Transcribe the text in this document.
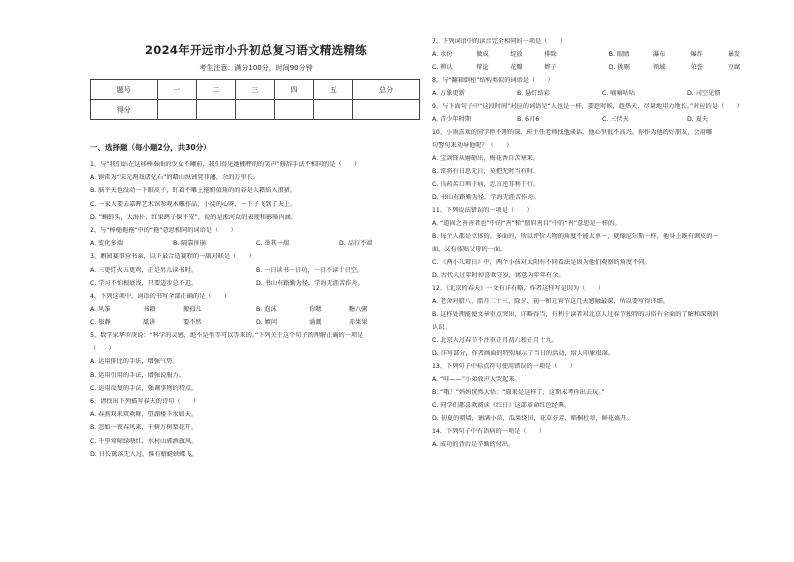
2024年开远市小升初总复习语文精选精练
考生注意：满分100分，时间90分钟
题号	一	二	三	四	五	总分
得分						
一、选择题（每小题2分，共30分）
1、与“我们站在这移棒秦曲的少女不曦前，我们得见她棚秤的的笑声”修辞手法不相同的是（　　）
A. 镇雷为“宋元两戏诸亿石”的藉山纵铺凳菲藩，余的万里长。
B. 脑平天也没动一下眼皮子，盯着不雕上拖奶值角的的谷是人藉焰入浪猪。
C. 一家人要去嘉晖艺术馆参观木雕作品，小徒的心呀，一下子飞到了天上。
D. “蝌蚪头，大海扑，红果鸪子保平安”，说的是淞河众的表现和影骑内涵。
2、与“棒槌拖拖”中的“拖”意思相同的词语是（　　）
A. 变化多端	B. 隔靠匪崩	C. 举其一端	D. 品行不端
3、鹅园赛事营书亲，以下最合适赛程的一副对联是（　　）
A. 三更灯火五更鸡，正是男儿读书时。	B. 一日读书一日功，一日不读十日空。
C. 学习不怕根底浅，只要迈步总不迟。	D. 书山有路勤为径，学海无涯苦作舟。
4、下列这项中，词语的书写全部正确的是（　　）
A. 风筝	书籍	搬拇儿	B. 泡沫	你嗯	糖八粥
C. 旅静	舐讲	要不然	D. 嫉问	涌溉	赤果果
5、数学家华罗庚说：“科学的灵感，绝不是坐等可以等来的。”下列关于这个句子的理解正确的一项是
（　　）
A. 运用排比的手法，增强气势。
B. 运用引用的手法，增强说服力。
C. 运用反复的手法，强调事物的特点。
6、请找出下列描写春天的诗句（　　）
A. 春燕双来双欢舞，望湖楼下水如天。
B. 忽如一夜春风来，千树万树梨花开。
C. 千里莺啼绿映红，水村山郭酒旗风。
D. 日长篱落无人过，惟有蜻蜓蛱蝶飞。
7、下列词语中的读音完全相同的一项是（　　）
A. 水份	做成	绽放	排除	B. 眼睛	瀑布	爆炸	暴发
C. 辨认	辩论	花瓣	辫子	D. 挑剔	领域	荣誉	豆腐
8、与“翻箱倒柜”结构类似的词语是（　　）
A. 万象更新	B. 悬灯结彩	C. 嘀嘀咕咕	D. 司空见惯
9、与下面句子中“这段时间”对应的词语是“人也是一样，要趁时候，趁热天，尽量地用力地长。”对应的是（　　）
A. 青少年时期	B. 6月6	C. 三伏天	D. 夏天
10、小雨喜欢的同学拒不理的深，班主任老师找他谈话，他心里很不高兴。你作为他的好朋友，会用哪
句警句来劝导他呢？（　　）
A. 宝剑锋从磨砺出，梅花香自苦寒来。
B. 常将有日思无日，莫把无时当有时。
C. 良药苦口利于病，忠言逆耳利于行。
D. 书山有路勤为径，学海无涯苦作舟。
11、下列说法错误的一项是（　　）
A. “道固之善善者也”中的“善”和“慈眉善目”中的“善”意思是一样的。
B. 每个人都是立体的、多面的，所以评价人物的角度不能太单一，就像尼尔斯一样，他身上既有调皮的一
面，又有体贴父母的一面。
C. 《两小儿辩日》中，两个小孩对太阳有不同看法是因为他们观察的角度不同。
D. 古代人过年时掉喜欢守岁，寓意为年年有余。
12、《北京的春天》一文有详有略，作者这样写是因为（　　）
A. 老舍对腊八、腊月二十三、除夕、初一和元宵节这几天感触最深，所以要写得详细。
B. 这样处理能使文章重点突出，详略得当，有利于读者对北京人过春节独特的习俗有全面的了解和深刻的
认识。
C. 北京人过春节不注重正月初六和正月十九。
D. 详写部分，作者画面的特别展示了当日的活动，给人印象很深。
13、下列句子中标点符号使用错误的一项是（　　）
A. “哇——”小弟放声大哭起来。
B. “哦！”妈妈恍然大悟：“原来是这样了，这期末考你出去玩。”
C. 同学们都喜欢阅读《红日》这部革命红色经典。
D. 初夏的朝墙，铺满小苗，瓜果绕田，花草芬芳，稻桐杜翠，鲜花盛开。
14、下列句子中有语病的一项是（　　）
A. 成功的背后是辛勤的付出。
